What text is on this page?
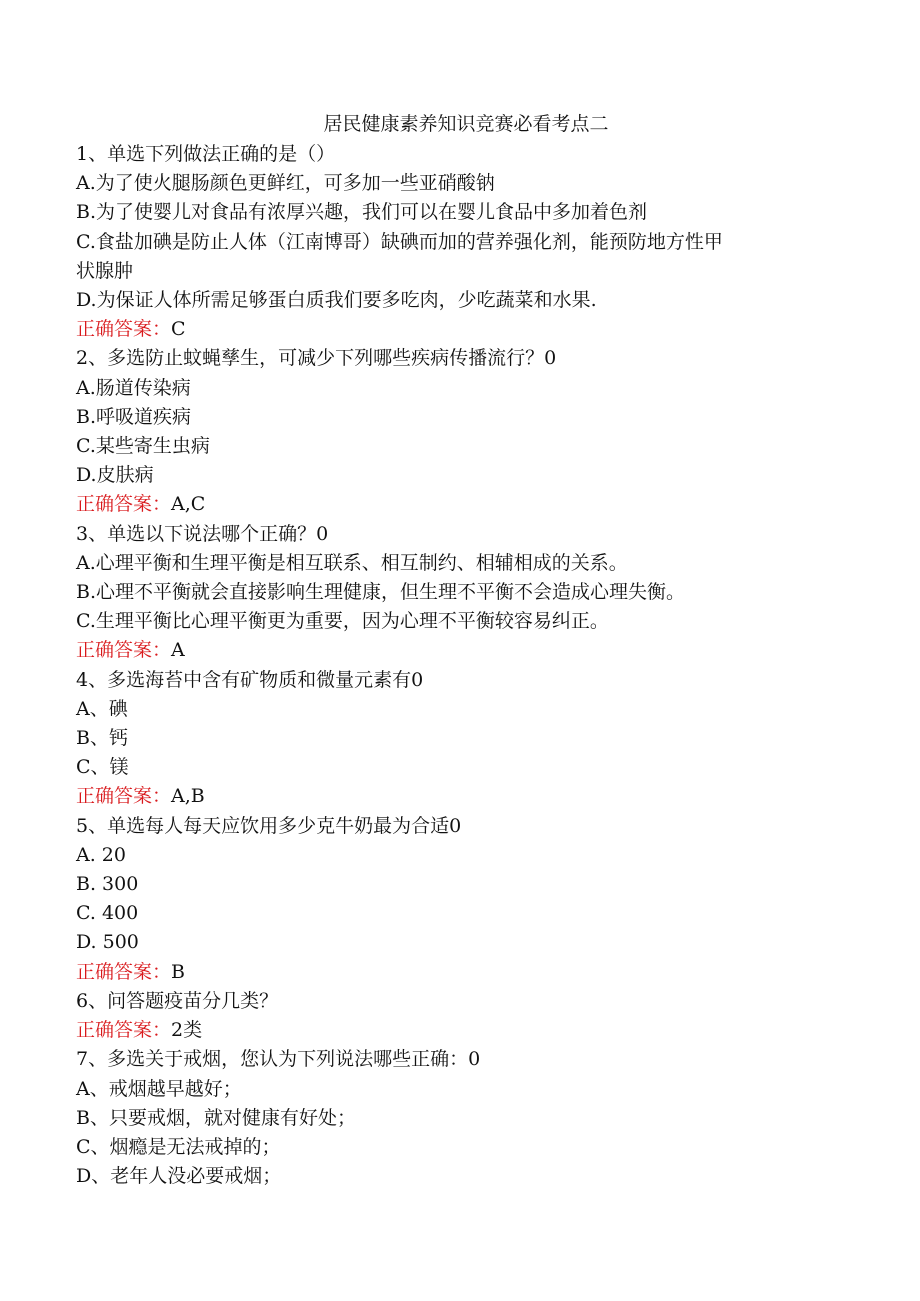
居民健康素养知识竞赛必看考点二
1、单选下列做法正确的是（）
A.为了使火腿肠颜色更鲜红，可多加一些亚硝酸钠
B.为了使婴儿对食品有浓厚兴趣，我们可以在婴儿食品中多加着色剂
C.食盐加碘是防止人体（江南博哥）缺碘而加的营养强化剂，能预防地方性甲
状腺肿
D.为保证人体所需足够蛋白质我们要多吃肉，少吃蔬菜和水果.
正确答案：C
2、多选防止蚊蝇孳生，可减少下列哪些疾病传播流行？0
A.肠道传染病
B.呼吸道疾病
C.某些寄生虫病
D.皮肤病
正确答案：A,C
3、单选以下说法哪个正确？0
A.心理平衡和生理平衡是相互联系、相互制约、相辅相成的关系。
B.心理不平衡就会直接影响生理健康，但生理不平衡不会造成心理失衡。
C.生理平衡比心理平衡更为重要，因为心理不平衡较容易纠正。
正确答案：A
4、多选海苔中含有矿物质和微量元素有0
A、碘
B、钙
C、镁
正确答案：A,B
5、单选每人每天应饮用多少克牛奶最为合适0
A. 20
B. 300
C. 400
D. 500
正确答案：B
6、问答题疫苗分几类？
正确答案：2类
7、多选关于戒烟，您认为下列说法哪些正确：0
A、戒烟越早越好；
B、只要戒烟，就对健康有好处；
C、烟瘾是无法戒掉的；
D、老年人没必要戒烟；
